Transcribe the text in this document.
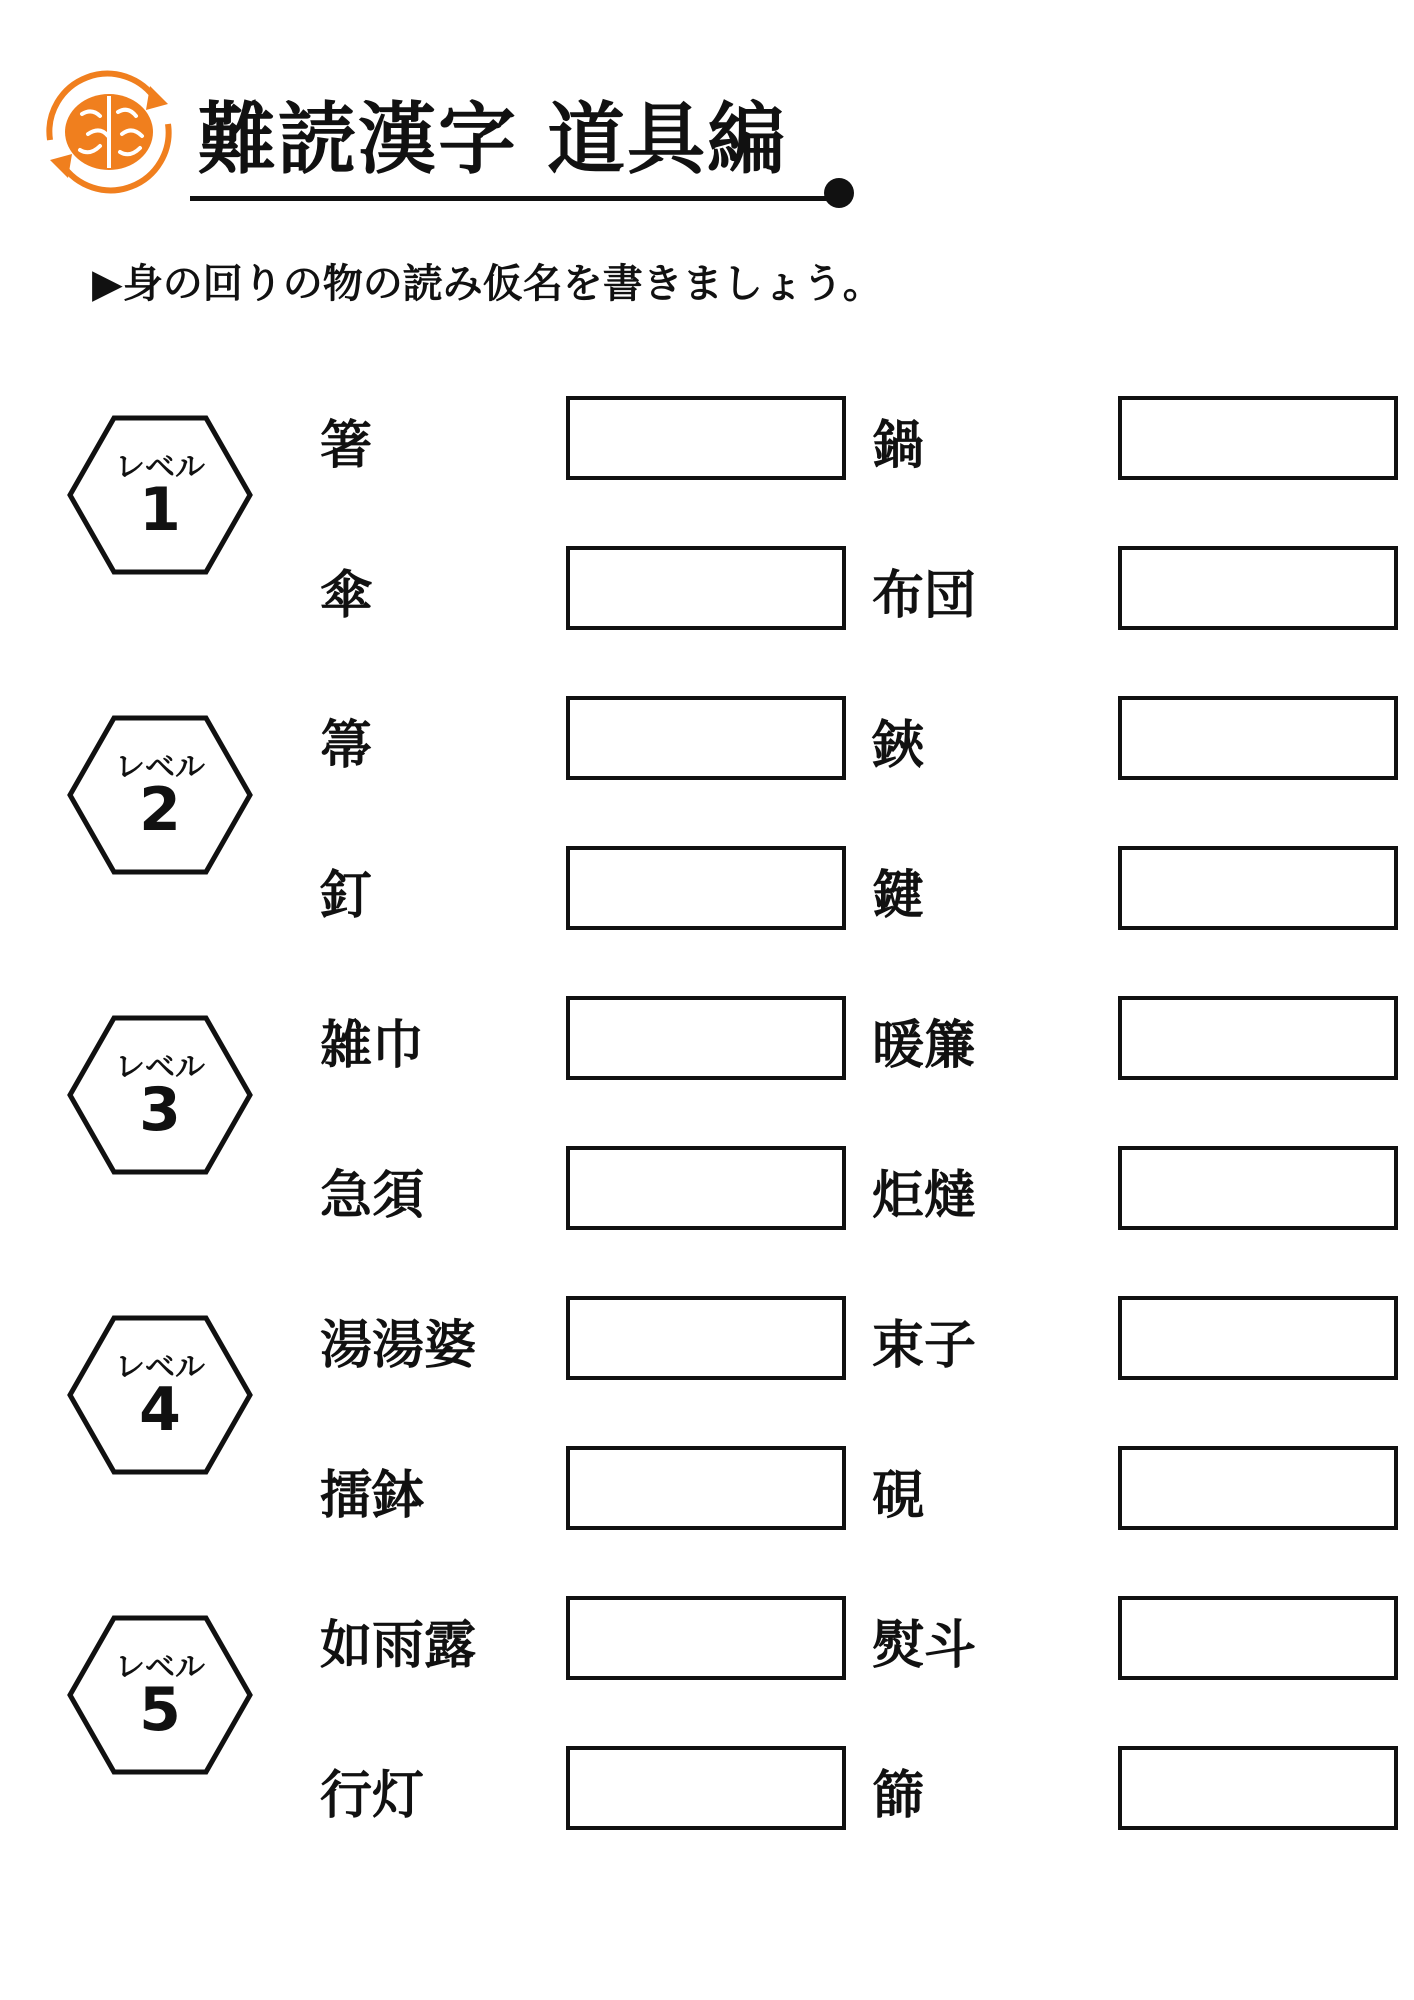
難読漢字 道具編

▶身の回りの物の読み仮名を書きましょう。

レベル
1
箸	鍋
傘	布団
レベル
2
箒	鋏
釘	鍵
レベル
3
雑巾	暖簾
急須	炬燵
レベル
4
湯湯婆	束子
擂鉢	硯
レベル
5
如雨露	熨斗
行灯	篩
